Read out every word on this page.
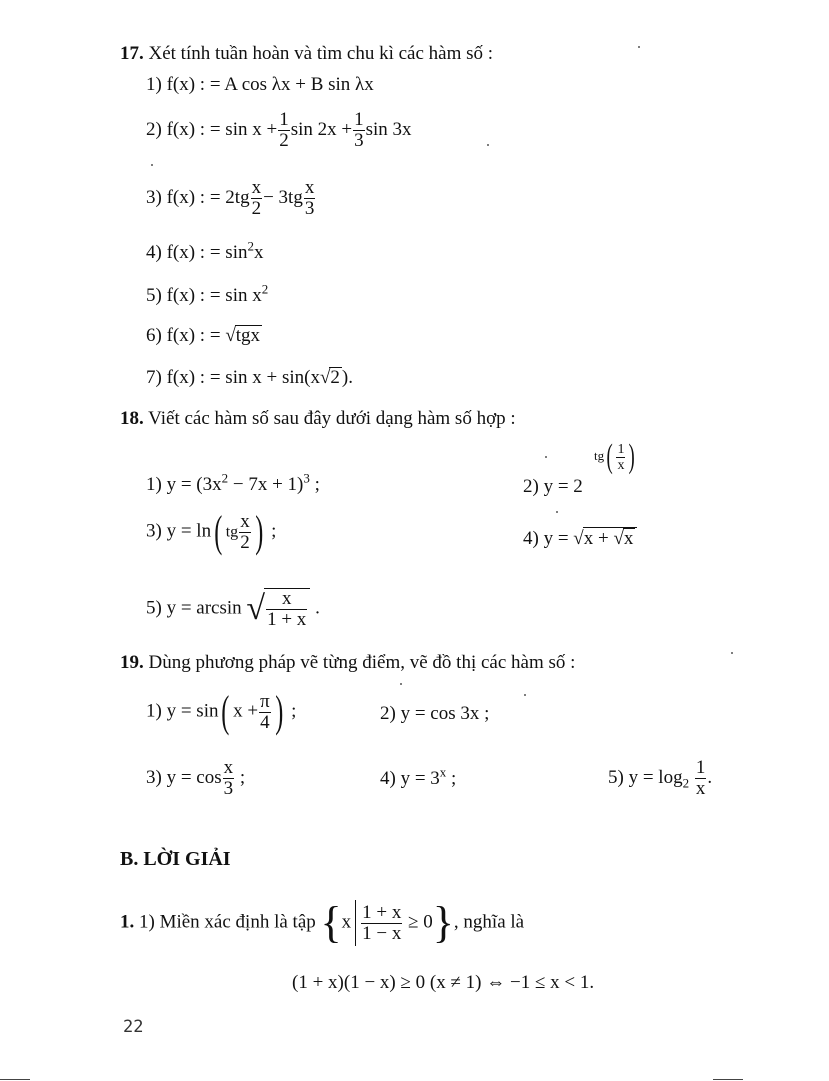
17. Xét tính tuần hoàn và tìm chu kì các hàm số :
1) f(x) : = A cos λx + B sin λx
2) f(x) : = $\sin x + \frac{1}{2}$ $\sin 2x + \frac{1}{3}$ sin 3x
3) f(x) : = $2tg \frac{x}{2} - 3tg \frac{x}{3}$
4) f(x) : = $\sin^2x$
5) f(x) : = $\sin x^2$
6) f(x) : = √tgx
7) f(x) : = sin x + sin(x√2 ).
18. Viết các hàm số sau đây dưới dạng hàm số hợp :
1) $y = (3x^2 - 7x + 1)^3$ ;	2) y = 2
$tg( \frac{1}{x}$ )
3) y = ln( tg $\frac{x}{2}$ ) ;	4) y = √x + √x
5) y = arcsin √ $\frac{x}{1 + x}$ .
19. Dùng phương pháp vẽ từng điểm, vẽ đồ thị các hàm số :
1) y = sin( $x + \frac{\pi}{4}$ ) ;	2) y = cos 3x ;
3) $y = \cos \frac{x}{3}$ ;	4) $y = 3^x$ ;	5) $y = \log_2 \frac{1}{x}$ .
B. LỜI GIẢI
1. 1) Miền xác định là tập $\{x \frac{1 + x}{1 - x} \ge 0\}$, nghĩa là
(1 + x)(1 − x) ≥ 0 (x ≠ 1) ⇔ −1 ≤ x < 1.
22
